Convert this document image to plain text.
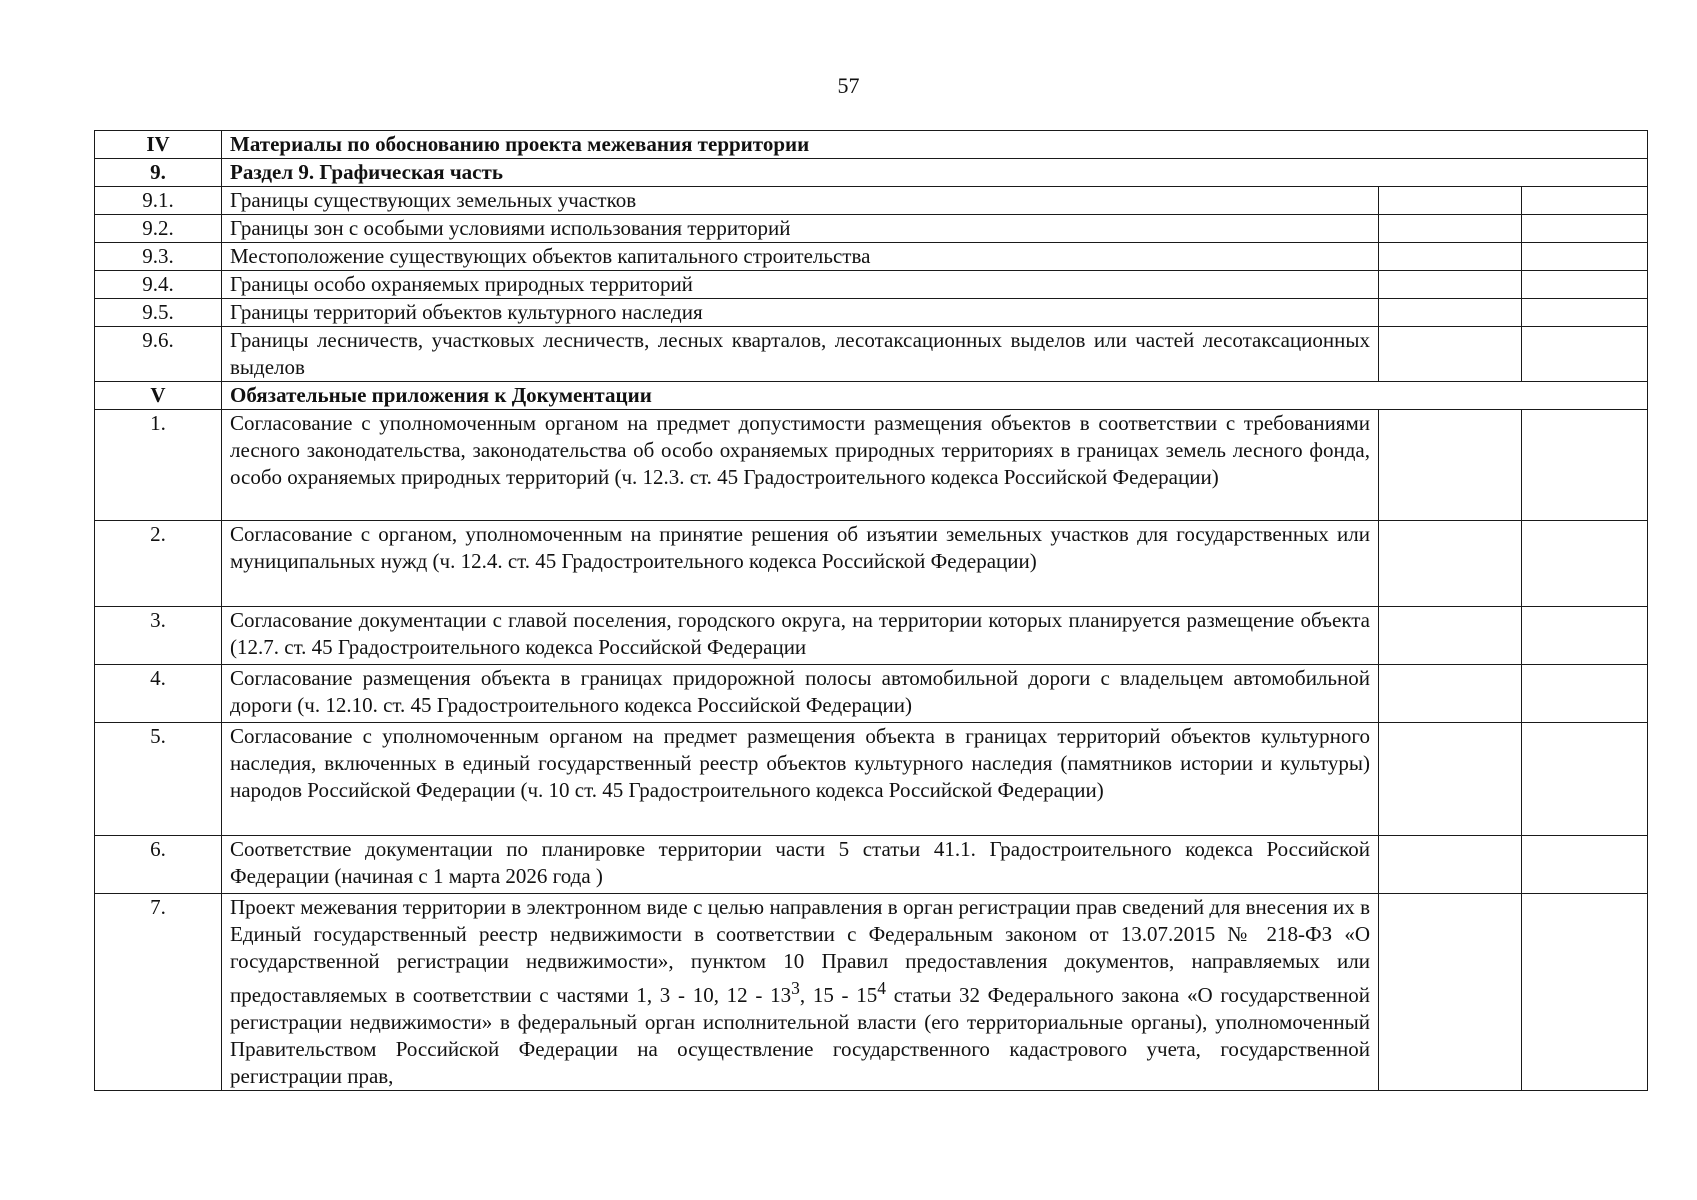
57
IV	Материалы по обоснованию проекта межевания территории		
9.	Раздел 9. Графическая часть		
9.1.	Границы существующих земельных участков		
9.2.	Границы зон с особыми условиями использования территорий		
9.3.	Местоположение существующих объектов капитального строительства		
9.4.	Границы особо охраняемых природных территорий		
9.5.	Границы территорий объектов культурного наследия		
9.6.	Границы лесничеств, участковых лесничеств, лесных кварталов, лесотаксационных выделов или частей лесотаксационных выделов		
V	Обязательные приложения к Документации		
1.	Согласование с уполномоченным органом на предмет допустимости размещения объектов в соответствии с требованиями лесного законодательства, законодательства об особо охраняемых природных территориях в границах земель лесного фонда, особо охраняемых природных территорий (ч. 12.3. ст. 45 Градостроительного кодекса Российской Федерации)		
2.	Согласование с органом, уполномоченным на принятие решения об изъятии земельных участков для государственных или муниципальных нужд (ч. 12.4. ст. 45 Градостроительного кодекса Российской Федерации)		
3.	Согласование документации с главой поселения, городского округа, на территории которых планируется размещение объекта (12.7. ст. 45 Градостроительного кодекса Российской Федерации		
4.	Согласование размещения объекта в границах придорожной полосы автомобильной дороги с владельцем автомобильной дороги (ч. 12.10. ст. 45 Градостроительного кодекса Российской Федерации)		
5.	Согласование с уполномоченным органом на предмет размещения объекта в границах территорий объектов культурного наследия, включенных в единый государственный реестр объектов культурного наследия (памятников истории и культуры) народов Российской Федерации (ч. 10 ст. 45 Градостроительного кодекса Российской Федерации)		
6.	Соответствие документации по планировке территории части 5 статьи 41.1. Градостроительного кодекса Российской Федерации (начиная с 1 марта 2026 года )		
7.	Проект межевания территории в электронном виде с целью направления в орган регистрации прав сведений для внесения их в Единый государственный реестр недвижимости в соответствии с Федеральным законом от 13.07.2015 № 218-ФЗ «О государственной регистрации недвижимости», пунктом 10 Правил предоставления документов, направляемых или предоставляемых в соответствии с частями 1, 3 - 10, $12 - 13^3$, $15 - 15^4$ статьи 32 Федерального закона «О государственной регистрации недвижимости» в федеральный орган исполнительной власти (его территориальные органы), уполномоченный Правительством Российской Федерации на осуществление государственного кадастрового учета, государственной регистрации прав,		
